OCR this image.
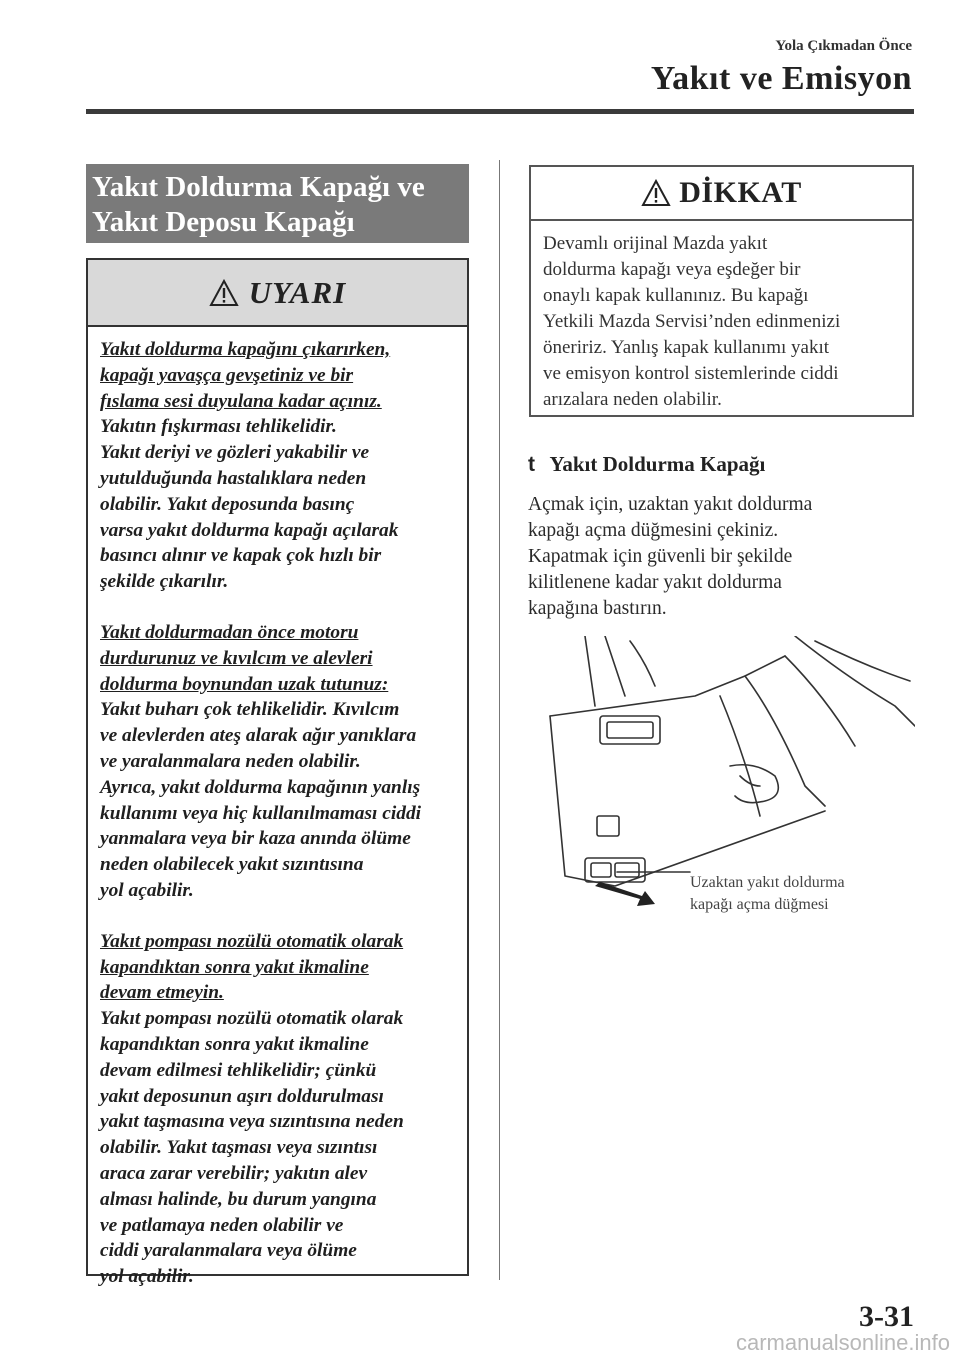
Yola Çıkmadan Önce
Yakıt ve Emisyon
Yakıt Doldurma Kapağı ve
Yakıt Deposu Kapağı
UYARI

Yakıt doldurma kapağını çıkarırken,

kapağı yavaşça gevşetiniz ve bir

fıslama sesi duyulana kadar açınız.

Yakıtın fışkırması tehlikelidir.

Yakıt deriyi ve gözleri yakabilir ve

yutulduğunda hastalıklara neden

olabilir. Yakıt deposunda basınç

varsa yakıt doldurma kapağı açılarak

basıncı alınır ve kapak çok hızlı bir

şekilde çıkarılır.

Yakıt doldurmadan önce motoru

durdurunuz ve kıvılcım ve alevleri

doldurma boynundan uzak tutunuz:

Yakıt buharı çok tehlikelidir. Kıvılcım

ve alevlerden ateş alarak ağır yanıklara

ve yaralanmalara neden olabilir.

Ayrıca, yakıt doldurma kapağının yanlış

kullanımı veya hiç kullanılmaması ciddi

yanmalara veya bir kaza anında ölüme

neden olabilecek yakıt sızıntısına

yol açabilir.

Yakıt pompası nozülü otomatik olarak

kapandıktan sonra yakıt ikmaline

devam etmeyin.

Yakıt pompası nozülü otomatik olarak

kapandıktan sonra yakıt ikmaline

devam edilmesi tehlikelidir; çünkü

yakıt deposunun aşırı doldurulması

yakıt taşmasına veya sızıntısına neden

olabilir. Yakıt taşması veya sızıntısı

araca zarar verebilir; yakıtın alev

alması halinde, bu durum yangına

ve patlamaya neden olabilir ve

ciddi yaralanmalara veya ölüme

yol açabilir.

DİKKAT

Devamlı orijinal Mazda yakıt

doldurma kapağı veya eşdeğer bir

onaylı kapak kullanınız. Bu kapağı

Yetkili Mazda Servisi’nden edinmenizi

öneririz. Yanlış kapak kullanımı yakıt

ve emisyon kontrol sistemlerinde ciddi

arızalara neden olabilir.

t Yakıt Doldurma Kapağı

Açmak için, uzaktan yakıt doldurma

kapağı açma düğmesini çekiniz.

Kapatmak için güvenli bir şekilde

kilitlenene kadar yakıt doldurma

kapağına bastırın.

Uzaktan yakıt doldurma
kapağı açma düğmesi
3-31
carmanualsonline.info
